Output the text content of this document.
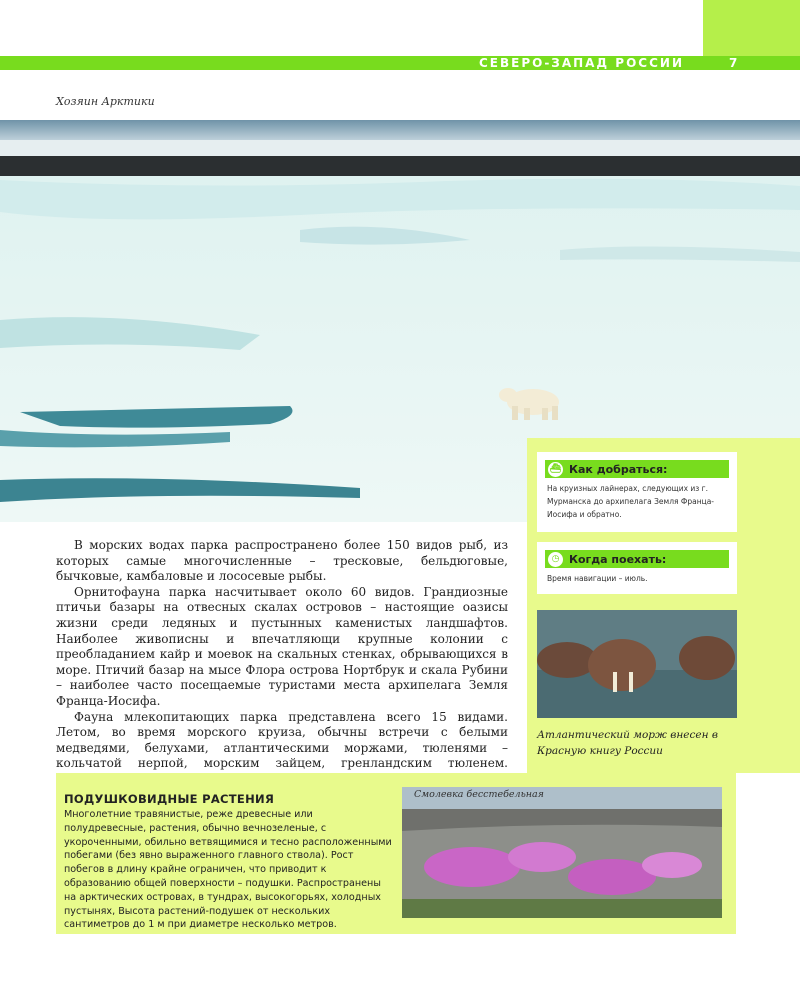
СЕВЕРО-ЗАПАД РОССИИ	7
Хозяин Арктики
⛴ Как добраться:
На круизных лайнерах, следующих из г. Мурманска до архипелага Земля Франца-Иосифа и обратно.
◷ Когда поехать:
Время навигации – июль.
Атлантический морж внесен в Красную книгу России

В морских водах парка распространено более 150 видов рыб, из которых самые многочисленные – тресковые, бельдюговые, бычковые, камбаловые и лососевые рыбы.

Орнитофауна парка насчитывает около 60 видов. Грандиозные птичьи базары на отвесных скалах островов – настоящие оазисы жизни среди ледяных и пустынных каменистых ландшафтов. Наиболее живописны и впечатляющи крупные колонии с преобладанием кайр и моевок на скальных стенках, обрывающихся в море. Птичий базар на мысе Флора острова Нортбрук и скала Рубини – наиболее часто посещаемые туристами места архипелага Земля Франца-Иосифа.

Фауна млекопитающих парка представлена всего 15 видами. Летом, во время морского круиза, обычны встречи с белыми медведями, белухами, атлантическими моржами, тюленями – кольчатой нерпой, морским зайцем, гренландским тюленем.

ПОДУШКОВИДНЫЕ РАСТЕНИЯ
Многолетние травянистые, реже древесные или полудревесные, растения, обычно вечнозеленые, с укороченными, обильно ветвящимися и тесно расположенными побегами (без явно выраженного главного ствола). Рост побегов в длину крайне ограничен, что приводит к образованию общей поверхности – подушки. Распространены на арктических островах, в тундрах, высокогорьях, холодных пустынях, Высота растений-подушек от нескольких сантиметров до 1 м при диаметре несколько метров.
Смолевка бесстебельная
